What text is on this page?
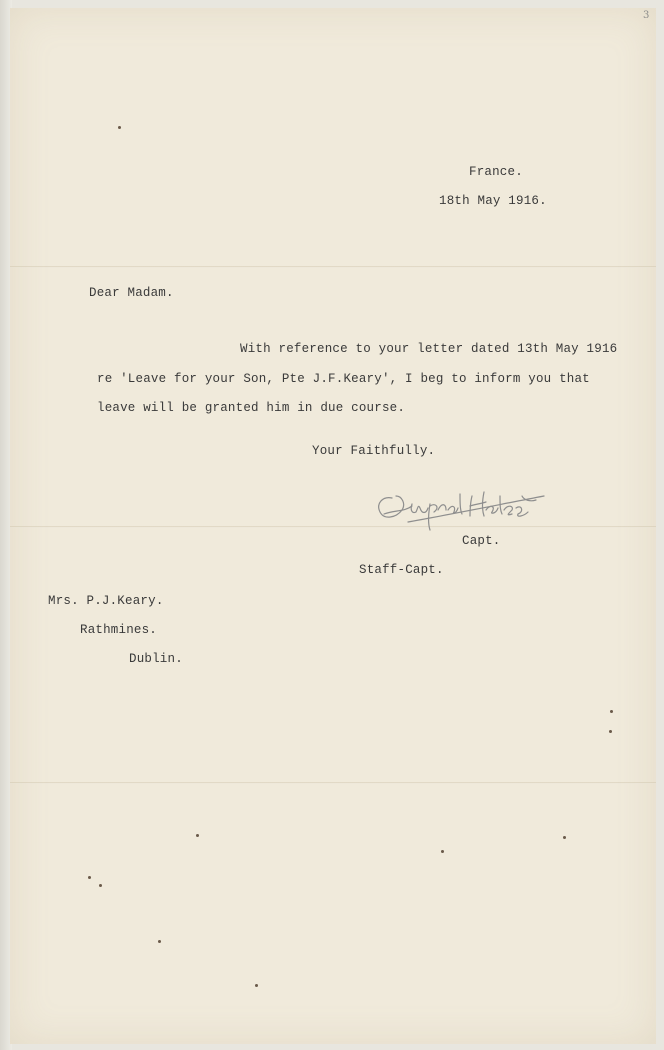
3
France.
18th May 1916.
Dear Madam.
With reference to your letter dated 13th May 1916
re 'Leave for your Son, Pte J.F.Keary', I beg to inform you that
leave will be granted him in due course.
Your Faithfully.
Capt.
Staff-Capt.
Mrs. P.J.Keary.
Rathmines.
Dublin.
